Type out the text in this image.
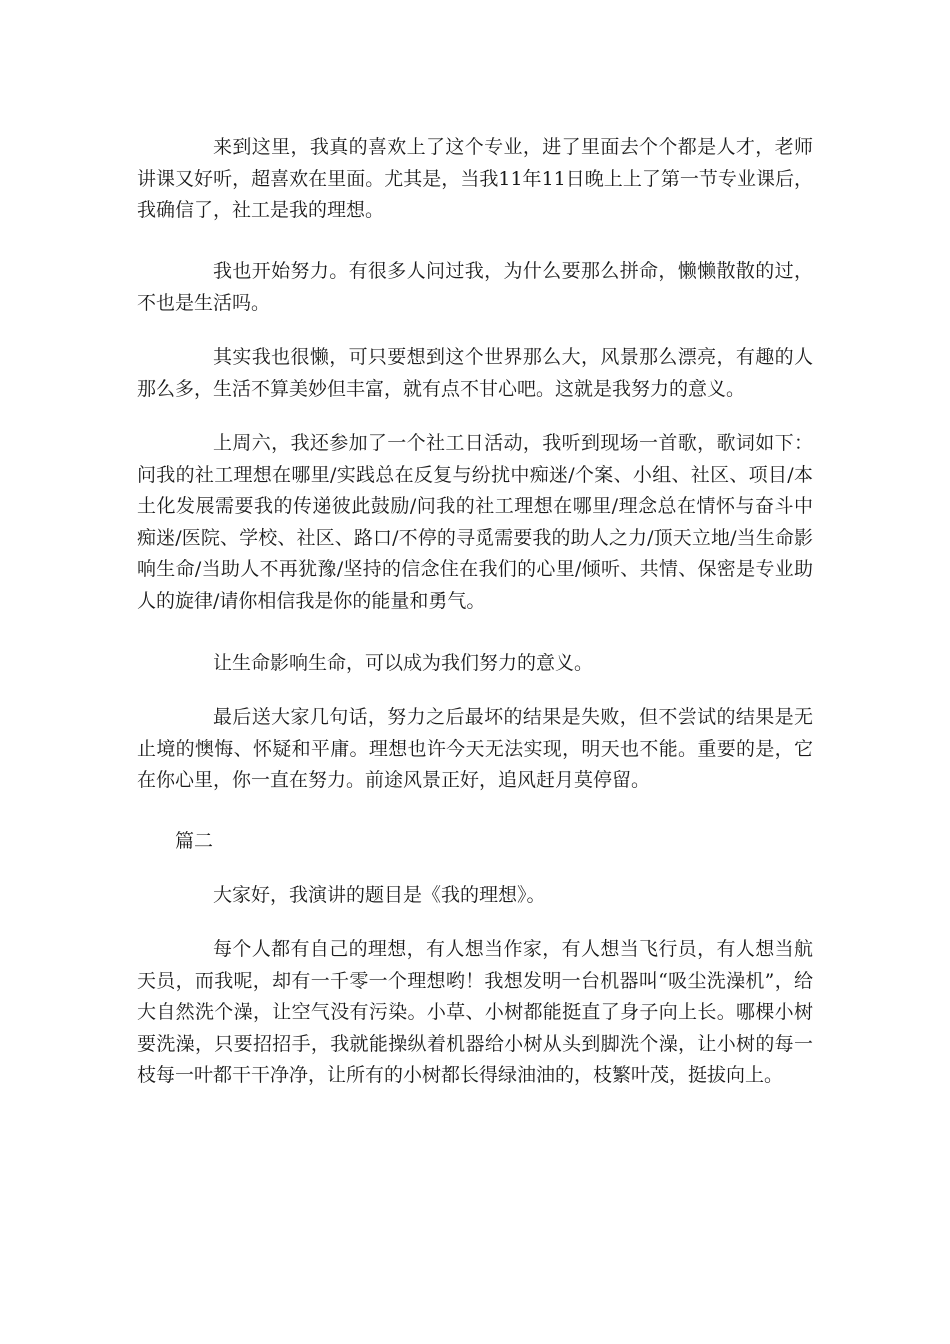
来到这里，我真的喜欢上了这个专业，进了里面去个个都是人才，老师讲课又好听，超喜欢在里面。尤其是，当我11年11日晚上上了第一节专业课后，我确信了，社工是我的理想。

我也开始努力。有很多人问过我，为什么要那么拼命，懒懒散散的过，不也是生活吗。

其实我也很懒，可只要想到这个世界那么大，风景那么漂亮，有趣的人那么多，生活不算美妙但丰富，就有点不甘心吧。这就是我努力的意义。

上周六，我还参加了一个社工日活动，我听到现场一首歌，歌词如下：问我的社工理想在哪里/实践总在反复与纷扰中痴迷/个案、小组、社区、项目/本土化发展需要我的传递彼此鼓励/问我的社工理想在哪里/理念总在情怀与奋斗中痴迷/医院、学校、社区、路口/不停的寻觅需要我的助人之力/顶天立地/当生命影响生命/当助人不再犹豫/坚持的信念住在我们的心里/倾听、共情、保密是专业助人的旋律/请你相信我是你的能量和勇气。

让生命影响生命，可以成为我们努力的意义。

最后送大家几句话，努力之后最坏的结果是失败，但不尝试的结果是无止境的懊悔、怀疑和平庸。理想也许今天无法实现，明天也不能。重要的是，它在你心里，你一直在努力。前途风景正好，追风赶月莫停留。

篇二

大家好，我演讲的题目是《我的理想》。

每个人都有自己的理想，有人想当作家，有人想当飞行员，有人想当航天员，而我呢，却有一千零一个理想哟！我想发明一台机器叫“吸尘洗澡机”，给大自然洗个澡，让空气没有污染。小草、小树都能挺直了身子向上长。哪棵小树要洗澡，只要招招手，我就能操纵着机器给小树从头到脚洗个澡，让小树的每一枝每一叶都干干净净，让所有的小树都长得绿油油的，枝繁叶茂，挺拔向上。
